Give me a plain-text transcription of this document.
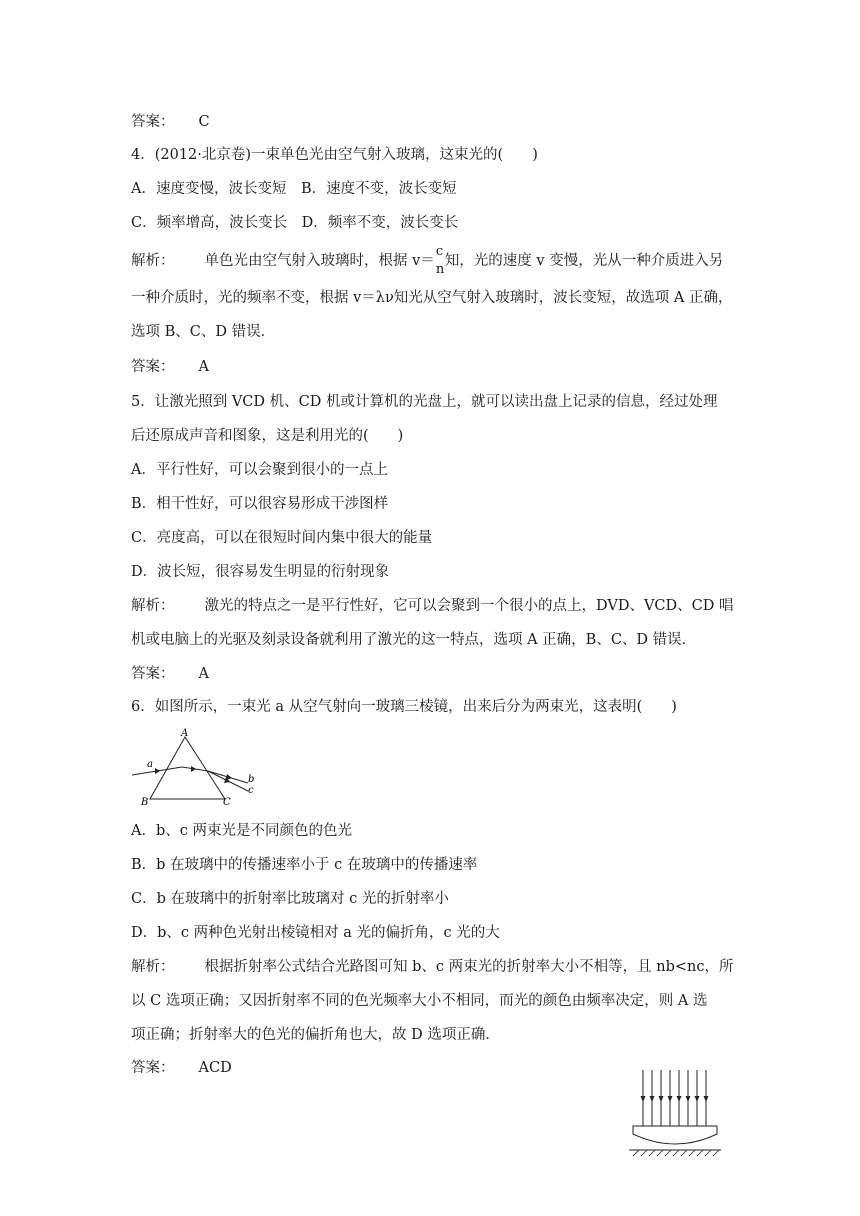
答案： C
4．(2012·北京卷)一束单色光由空气射入玻璃，这束光的(　　)
A．速度变慢，波长变短　B．速度不变，波长变短
C．频率增高，波长变长　D．频率不变，波长变长
解析： 单色光由空气射入玻璃时，根据 v＝
c
n
知，光的速度 v 变慢，光从一种介质进入另
一种介质时，光的频率不变，根据 v＝λν知光从空气射入玻璃时，波长变短，故选项 A 正确，
选项 B、C、D 错误．
答案： A
5．让激光照到 VCD 机、CD 机或计算机的光盘上，就可以读出盘上记录的信息，经过处理
后还原成声音和图象，这是利用光的(　　)
A．平行性好，可以会聚到很小的一点上
B．相干性好，可以很容易形成干涉图样
C．亮度高，可以在很短时间内集中很大的能量
D．波长短，很容易发生明显的衍射现象
解析： 激光的特点之一是平行性好，它可以会聚到一个很小的点上，DVD、VCD、CD 唱
机或电脑上的光驱及刻录设备就利用了激光的这一特点，选项 A 正确，B、C、D 错误．
答案： A
6．如图所示，一束光 a 从空气射向一玻璃三棱镜，出来后分为两束光，这表明(　　)
A
B	C
a
b
c
A．b、c 两束光是不同颜色的色光
B．b 在玻璃中的传播速率小于 c 在玻璃中的传播速率
C．b 在玻璃中的折射率比玻璃对 c 光的折射率小
D．b、c 两种色光射出棱镜相对 a 光的偏折角，c 光的大
解析： 根据折射率公式结合光路图可知 b、c 两束光的折射率大小不相等，且 nb<nc，所
以 C 选项正确；又因折射率不同的色光频率大小不相同，而光的颜色由频率决定，则 A 选
项正确；折射率大的色光的偏折角也大，故 D 选项正确．
答案： ACD
